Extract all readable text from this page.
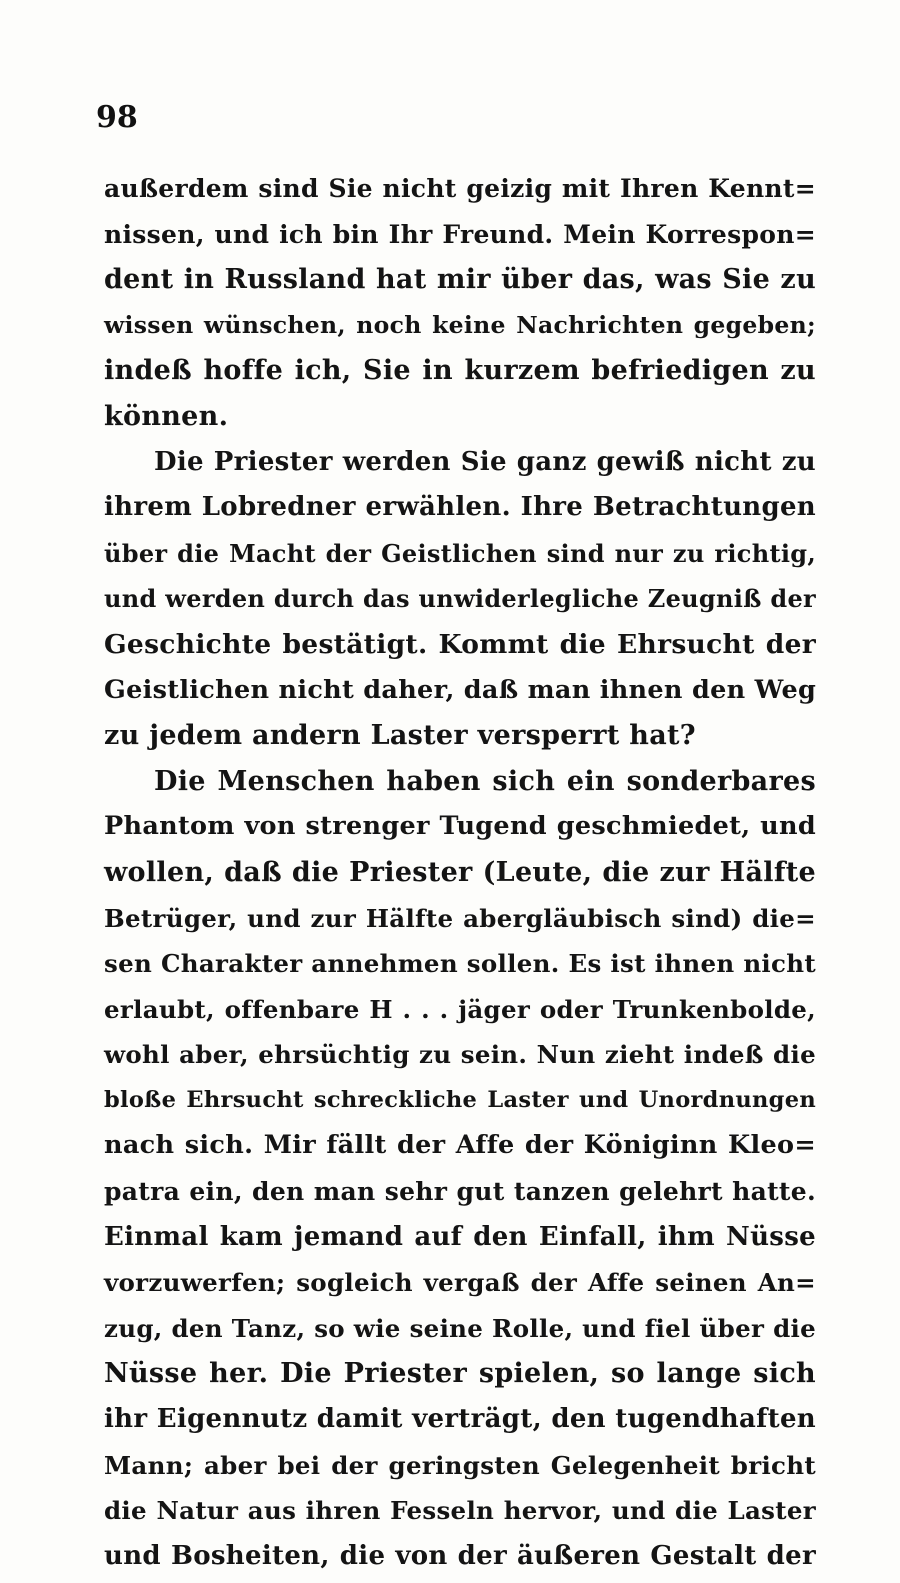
98
außerdem sind Sie nicht geizig mit Ihren Kennt=
nissen, und ich bin Ihr Freund. Mein Korrespon=
dent in Russland hat mir über das, was Sie zu
wissen wünschen, noch keine Nachrichten gegeben;
indeß hoffe ich, Sie in kurzem befriedigen zu
können.
Die Priester werden Sie ganz gewiß nicht zu
ihrem Lobredner erwählen. Ihre Betrachtungen
über die Macht der Geistlichen sind nur zu richtig,
und werden durch das unwiderlegliche Zeugniß der
Geschichte bestätigt. Kommt die Ehrsucht der
Geistlichen nicht daher, daß man ihnen den Weg
zu jedem andern Laster versperrt hat?
Die Menschen haben sich ein sonderbares
Phantom von strenger Tugend geschmiedet, und
wollen, daß die Priester (Leute, die zur Hälfte
Betrüger, und zur Hälfte abergläubisch sind) die=
sen Charakter annehmen sollen. Es ist ihnen nicht
erlaubt, offenbare H . . . jäger oder Trunkenbolde,
wohl aber, ehrsüchtig zu sein. Nun zieht indeß die
bloße Ehrsucht schreckliche Laster und Unordnungen
nach sich. Mir fällt der Affe der Königinn Kleo=
patra ein, den man sehr gut tanzen gelehrt hatte.
Einmal kam jemand auf den Einfall, ihm Nüsse
vorzuwerfen; sogleich vergaß der Affe seinen An=
zug, den Tanz, so wie seine Rolle, und fiel über die
Nüsse her. Die Priester spielen, so lange sich
ihr Eigennutz damit verträgt, den tugendhaften
Mann; aber bei der geringsten Gelegenheit bricht
die Natur aus ihren Fesseln hervor, und die Laster
und Bosheiten, die von der äußeren Gestalt der
